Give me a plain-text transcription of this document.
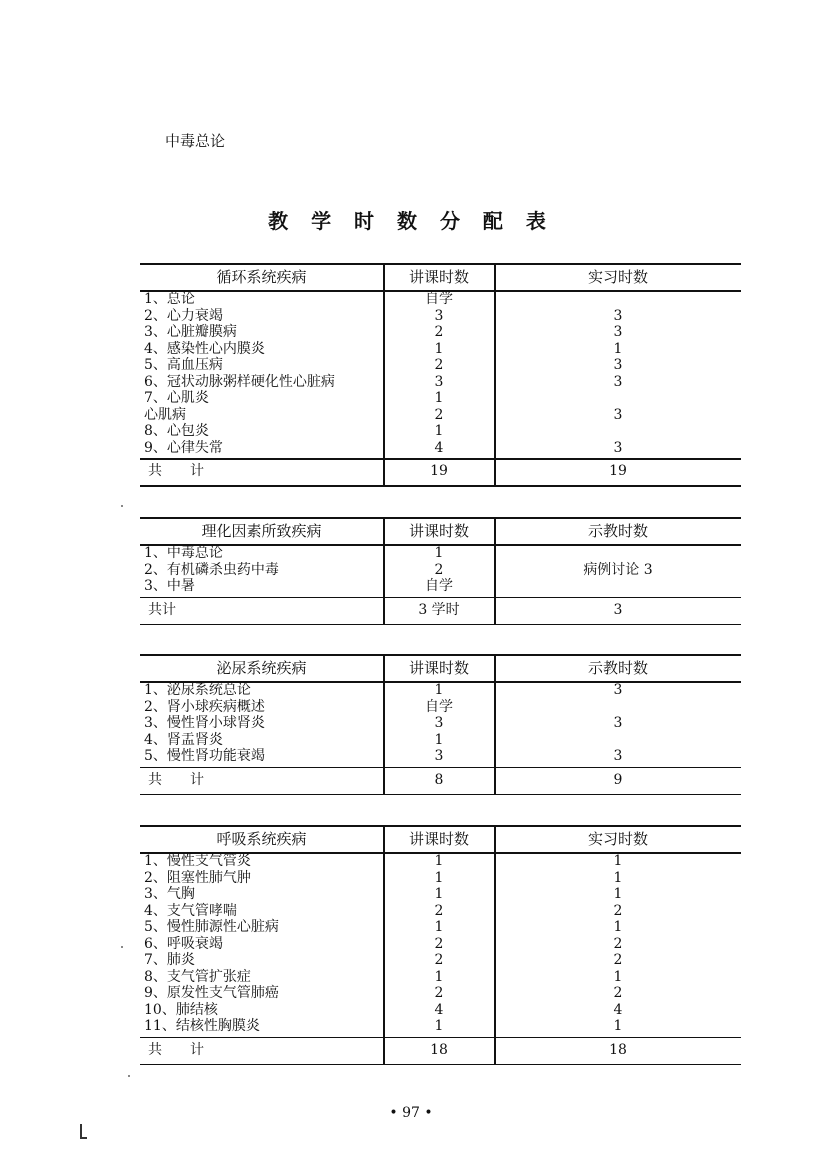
中毒总论
教 学 时 数 分 配 表
循环系统疾病	讲课时数	实习时数
1、总论	自学
2、心力衰竭	3	3
3、心脏瓣膜病	2	3
4、感染性心内膜炎	1	1
5、高血压病	2	3
6、冠状动脉粥样硬化性心脏病	3	3
7、心肌炎	1
心肌病	2	3
8、心包炎	1
9、心律失常	4	3
共　　计	19	19
理化因素所致疾病	讲课时数	示教时数
1、中毒总论	1
2、有机磷杀虫药中毒	2	病例讨论 3
3、中暑	自学
共计	3 学时	3
泌尿系统疾病	讲课时数	示教时数
1、泌尿系统总论	1	3
2、肾小球疾病概述	自学
3、慢性肾小球肾炎	3	3
4、肾盂肾炎	1
5、慢性肾功能衰竭	3	3
共　　计	8	9
呼吸系统疾病	讲课时数	实习时数
1、慢性支气管炎	1	1
2、阻塞性肺气肿	1	1
3、气胸	1	1
4、支气管哮喘	2	2
5、慢性肺源性心脏病	1	1
6、呼吸衰竭	2	2
7、肺炎	2	2
8、支气管扩张症	1	1
9、原发性支气管肺癌	2	2
10、肺结核	4	4
11、结核性胸膜炎	1	1
共　　计	18	18
• 97 •
